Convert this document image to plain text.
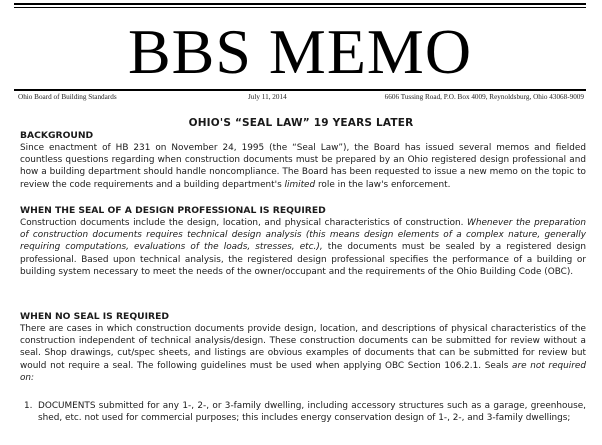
BBS MEMO
Ohio Board of Building Standards	July 11, 2014	6606 Tussing Road, P.O. Box 4009, Reynoldsburg, Ohio 43068-9009
OHIO'S “SEAL LAW” 19 YEARS LATER
BACKGROUND

Since enactment of HB 231 on November 24, 1995 (the “Seal Law”), the Board has issued several memos and fielded countless questions regarding when construction documents must be prepared by an Ohio registered design professional and how a building department should handle noncompliance. The Board has been requested to issue a new memo on the topic to review the code requirements and a building department's limited role in the law's enforcement.

WHEN THE SEAL OF A DESIGN PROFESSIONAL IS REQUIRED

Construction documents include the design, location, and physical characteristics of construction. Whenever the preparation of construction documents requires technical design analysis (this means design elements of a complex nature, generally requiring computations, evaluations of the loads, stresses, etc.), the documents must be sealed by a registered design professional. Based upon technical analysis, the registered design professional specifies the performance of a building or building system necessary to meet the needs of the owner/occupant and the requirements of the Ohio Building Code (OBC).

WHEN NO SEAL IS REQUIRED

There are cases in which construction documents provide design, location, and descriptions of physical characteristics of the construction independent of technical analysis/design. These construction documents can be submitted for review without a seal. Shop drawings, cut/spec sheets, and listings are obvious examples of documents that can be submitted for review but would not require a seal. The following guidelines must be used when applying OBC Section 106.2.1. Seals are not required on:

1. DOCUMENTS submitted for any 1-, 2-, or 3-family dwelling, including accessory structures such as a garage, greenhouse, shed, etc. not used for commercial purposes; this includes energy conservation design of 1-, 2-, and 3-family dwellings;
